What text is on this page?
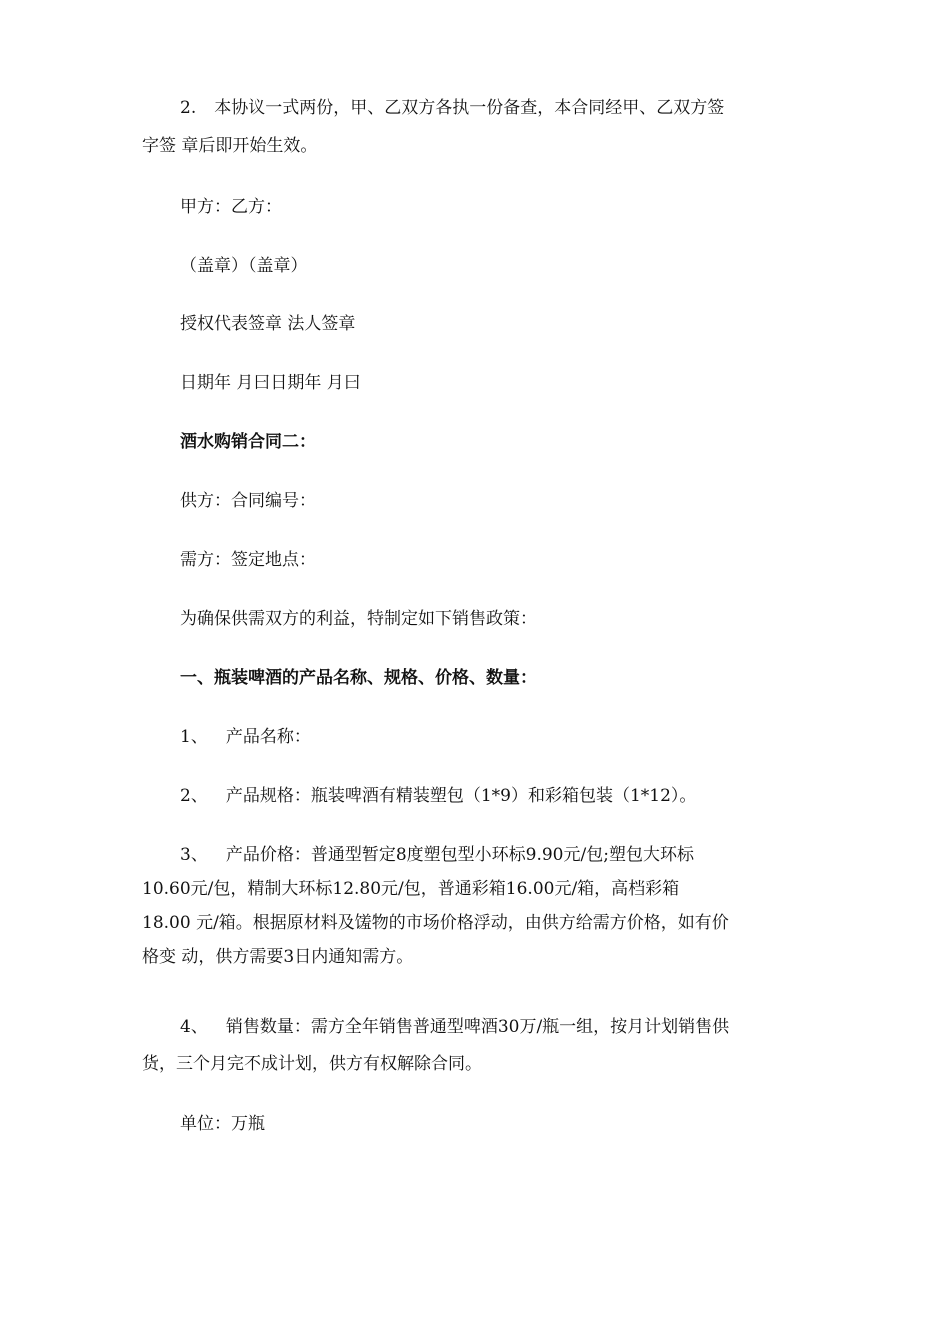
2. 本协议一式两份，甲、乙双方各执一份备查，本合同经甲、乙双方签

字签 章后即开始生效。

甲方：乙方：

（盖章）（盖章）

授权代表签章 法人签章

日期年 月曰日期年 月曰

酒水购销合同二：

供方：合同编号：

需方：签定地点：

为确保供需双方的利益，特制定如下销售政策：

一、瓶装啤酒的产品名称、规格、价格、数量：

1、 产品名称：

2、 产品规格：瓶装啤酒有精装塑包（1*9）和彩箱包装（1*12）。

3、 产品价格：普通型暂定8度塑包型小环标9.90元/包;塑包大环标

10.60元/包，精制大环标12.80元/包，普通彩箱16.00元/箱，高档彩箱
18.00 元/箱。根据原材料及馐物的市场价格浮动，由供方给需方价格，如有价
格变 动，供方需要3日内通知需方。

4、 销售数量：需方全年销售普通型啤酒30万/瓶一组，按月计划销售供

货，三个月完不成计划，供方有权解除合同。

单位：万瓶
